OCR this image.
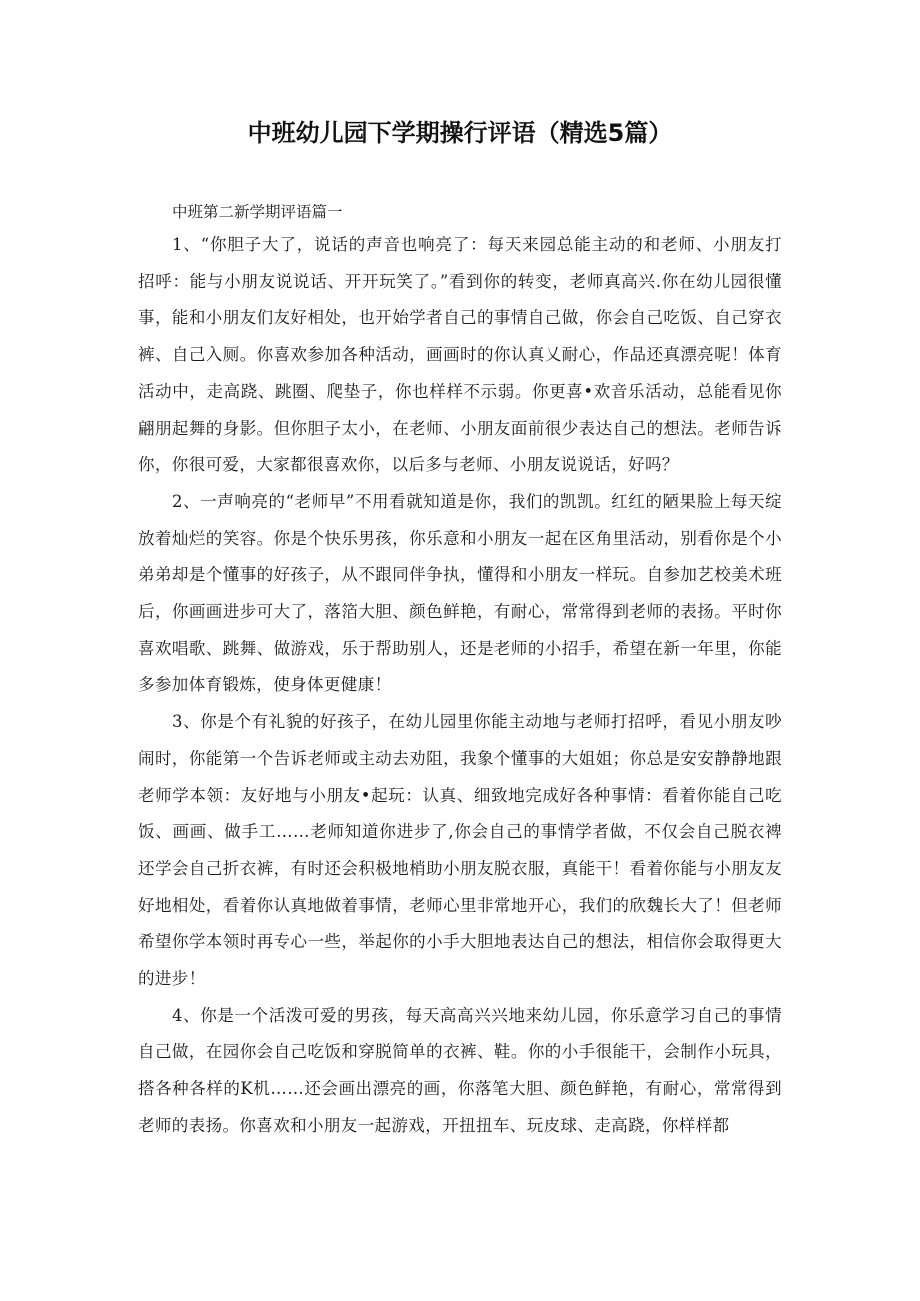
中班幼儿园下学期操行评语（精选5篇）

中班第二新学期评语篇一

1、“你胆子大了，说话的声音也响亮了：每天来园总能主动的和老师、小朋友打招呼：能与小朋友说说话、开开玩笑了。”看到你的转变，老师真高兴.你在幼儿园很懂事，能和小朋友们友好相处，也开始学者自己的事情自己做，你会自己吃饭、自己穿衣裤、自己入厕。你喜欢参加各种活动，画画时的你认真乂耐心，作品还真漂亮呢！体育活动中，走高跷、跳圈、爬垫子，你也样样不示弱。你更喜•欢音乐活动，总能看见你翩朋起舞的身影。但你胆子太小，在老师、小朋友面前很少表达自己的想法。老师告诉你，你很可爱，大家都很喜欢你，以后多与老师、小朋友说说话，好吗？

2、一声响亮的“老师早”不用看就知道是你，我们的凯凯。红红的陋果脸上每天绽放着灿烂的笑容。你是个快乐男孩，你乐意和小朋友一起在区角里活动，别看你是个小弟弟却是个懂事的好孩子，从不跟同伴争执，懂得和小朋友一样玩。自参加艺校美术班后，你画画进步可大了，落箔大胆、颜色鲜艳，有耐心，常常得到老师的表扬。平时你喜欢唱歌、跳舞、做游戏，乐于帮助别人，还是老师的小招手，希望在新一年里，你能多参加体育锻炼，使身体更健康！

3、你是个有礼貌的好孩子，在幼儿园里你能主动地与老师打招呼，看见小朋友吵闹时，你能第一个告诉老师或主动去劝阻，我象个懂事的大姐姐；你总是安安静静地跟老师学本领：友好地与小朋友•起玩：认真、细致地完成好各种事情：看着你能自己吃饭、画画、做手工……老师知道你进步了,你会自己的事情学者做，不仅会自己脱衣裨还学会自己折衣裤，有时还会积极地梢助小朋友脱衣服，真能干！看着你能与小朋友友好地相处，看着你认真地做着事情，老师心里非常地开心，我们的欣魏长大了！但老师希望你学本领时再专心一些，举起你的小手大胆地表达自己的想法，相信你会取得更大的进步！

4、你是一个活泼可爱的男孩，每天高高兴兴地来幼儿园，你乐意学习自己的事情自己做，在园你会自己吃饭和穿脱简单的衣裤、鞋。你的小手很能干，会制作小玩具，搭各种各样的K机……还会画出漂亮的画，你落笔大胆、颜色鲜艳，有耐心，常常得到老师的表扬。你喜欢和小朋友一起游戏，开扭扭车、玩皮球、走高跷，你样样都
